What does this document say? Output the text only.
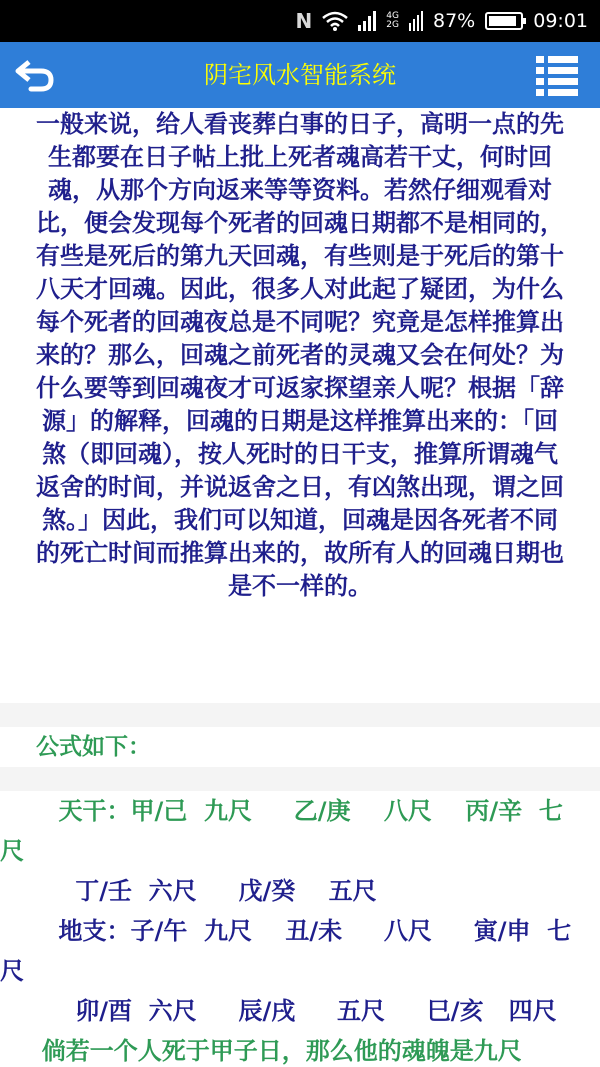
N	4G
2G 87%	09:01
阴宅风水智能系统
一般来说，给人看丧葬白事的日子，高明一点的先
生都要在日子帖上批上死者魂高若干丈，何时回
魂，从那个方向返来等等资料。若然仔细观看对
比，便会发现每个死者的回魂日期都不是相同的，
有些是死后的第九天回魂，有些则是于死后的第十
八天才回魂。因此，很多人对此起了疑团，为什么
每个死者的回魂夜总是不同呢？究竟是怎样推算出
来的？那么，回魂之前死者的灵魂又会在何处？为
什么要等到回魂夜才可返家探望亲人呢？根据「辞
源」的解释，回魂的日期是这样推算出来的：「回
煞（即回魂），按人死时的日干支，推算所谓魂气
返舍的时间，并说返舍之日，有凶煞出现，谓之回
煞。」因此，我们可以知道，回魂是因各死者不同
的死亡时间而推算出来的，故所有人的回魂日期也
是不一样的。
公式如下：
天干：甲/己  九尺     乙/庚    八尺    丙/辛  七
尺
丁/壬  六尺     戊/癸    五尺
地支：子/午  九尺    丑/未     八尺     寅/申  七
尺
卯/酉  六尺     辰/戌     五尺     巳/亥   四尺
倘若一个人死于甲子日，那么他的魂魄是九尺
